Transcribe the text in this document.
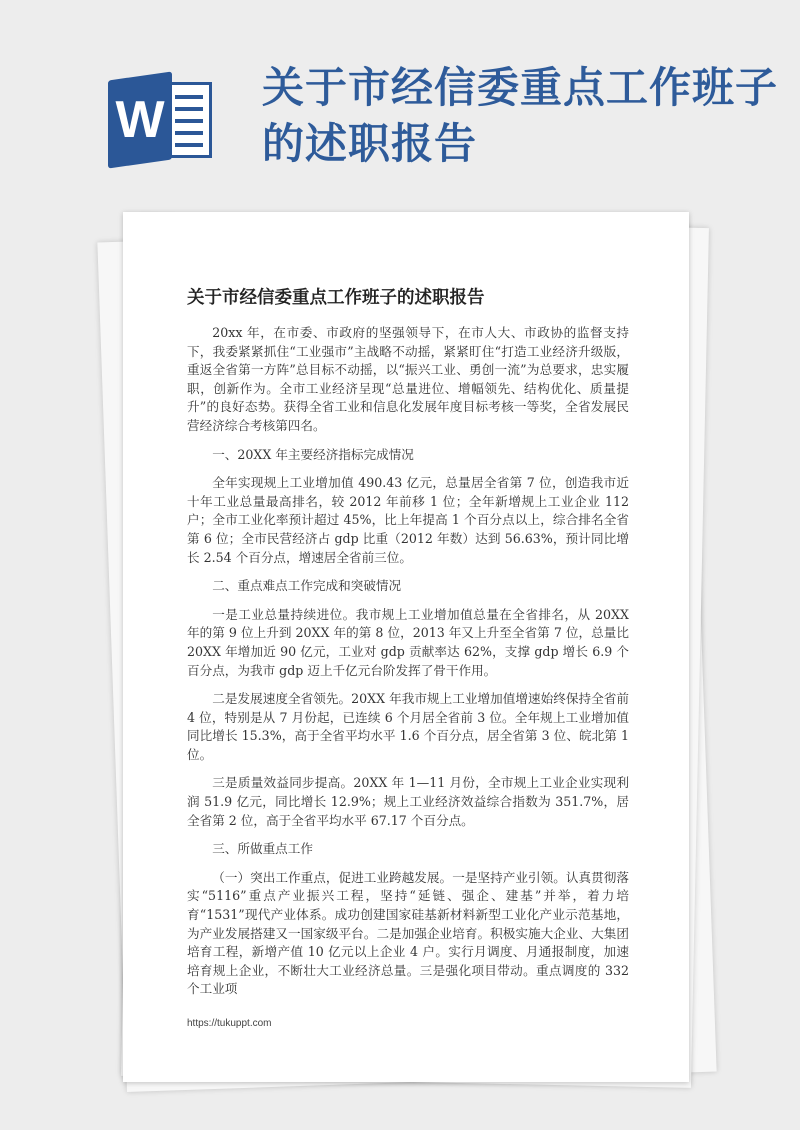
W
关于市经信委重点工作班子的述职报告
关于市经信委重点工作班子的述职报告

20xx 年，在市委、市政府的坚强领导下，在市人大、市政协的监督支持下，我委紧紧抓住“工业强市”主战略不动摇，紧紧盯住“打造工业经济升级版，重返全省第一方阵”总目标不动摇，以“振兴工业、勇创一流”为总要求，忠实履职，创新作为。全市工业经济呈现“总量进位、增幅领先、结构优化、质量提升”的良好态势。获得全省工业和信息化发展年度目标考核一等奖，全省发展民营经济综合考核第四名。

一、20XX 年主要经济指标完成情况

全年实现规上工业增加值 490.43 亿元，总量居全省第 7 位，创造我市近十年工业总量最高排名，较 2012 年前移 1 位；全年新增规上工业企业 112 户；全市工业化率预计超过 45%，比上年提高 1 个百分点以上，综合排名全省第 6 位；全市民营经济占 gdp 比重（2012 年数）达到 56.63%，预计同比增长 2.54 个百分点，增速居全省前三位。

二、重点难点工作完成和突破情况

一是工业总量持续进位。我市规上工业增加值总量在全省排名，从 20XX 年的第 9 位上升到 20XX 年的第 8 位，2013 年又上升至全省第 7 位，总量比 20XX 年增加近 90 亿元，工业对 gdp 贡献率达 62%，支撑 gdp 增长 6.9 个百分点，为我市 gdp 迈上千亿元台阶发挥了骨干作用。

二是发展速度全省领先。20XX 年我市规上工业增加值增速始终保持全省前 4 位，特别是从 7 月份起，已连续 6 个月居全省前 3 位。全年规上工业增加值同比增长 15.3%，高于全省平均水平 1.6 个百分点，居全省第 3 位、皖北第 1 位。

三是质量效益同步提高。20XX 年 1—11 月份，全市规上工业企业实现利润 51.9 亿元，同比增长 12.9%；规上工业经济效益综合指数为 351.7%，居全省第 2 位，高于全省平均水平 67.17 个百分点。

三、所做重点工作

（一）突出工作重点，促进工业跨越发展。一是坚持产业引领。认真贯彻落实“5116”重点产业振兴工程，坚持“延链、强企、建基”并举，着力培育“1531”现代产业体系。成功创建国家硅基新材料新型工业化产业示范基地，为产业发展搭建又一国家级平台。二是加强企业培育。积极实施大企业、大集团培育工程，新增产值 10 亿元以上企业 4 户。实行月调度、月通报制度，加速培育规上企业，不断壮大工业经济总量。三是强化项目带动。重点调度的 332 个工业项

https://tukuppt.com
